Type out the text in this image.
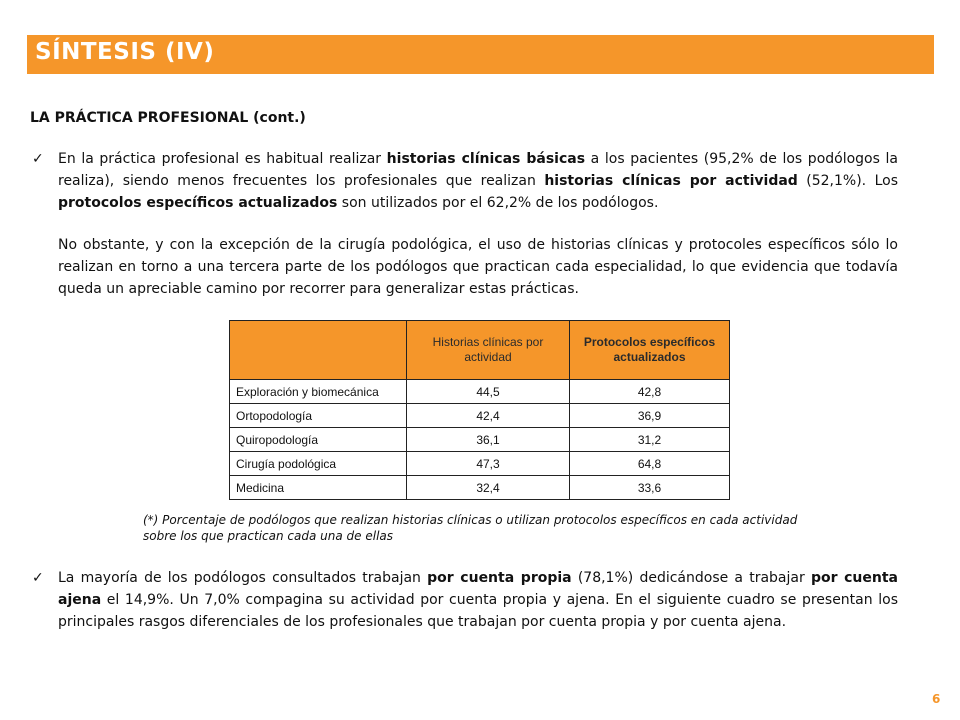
SÍNTESIS (IV)
LA PRÁCTICA PROFESIONAL (cont.)
✓ En la práctica profesional es habitual realizar historias clínicas básicas a los pacientes (95,2% de los podólogos la realiza), siendo menos frecuentes los profesionales que realizan historias clínicas por actividad (52,1%). Los protocolos específicos actualizados son utilizados por el 62,2% de los podólogos.
No obstante, y con la excepción de la cirugía podológica, el uso de historias clínicas y protocoles específicos sólo lo realizan en torno a una tercera parte de los podólogos que practican cada especialidad, lo que evidencia que todavía queda un apreciable camino por recorrer para generalizar estas prácticas.
	Historias clínicas por actividad	Protocolos específicos actualizados
Exploración y biomecánica	44,5	42,8
Ortopodología	42,4	36,9
Quiropodología	36,1	31,2
Cirugía podológica	47,3	64,8
Medicina	32,4	33,6
(*) Porcentaje de podólogos que realizan historias clínicas o utilizan protocolos específicos en cada actividad sobre los que practican cada una de ellas
✓ La mayoría de los podólogos consultados trabajan por cuenta propia (78,1%) dedicándose a trabajar por cuenta ajena el 14,9%. Un 7,0% compagina su actividad por cuenta propia y ajena. En el siguiente cuadro se presentan los principales rasgos diferenciales de los profesionales que trabajan por cuenta propia y por cuenta ajena.
6
